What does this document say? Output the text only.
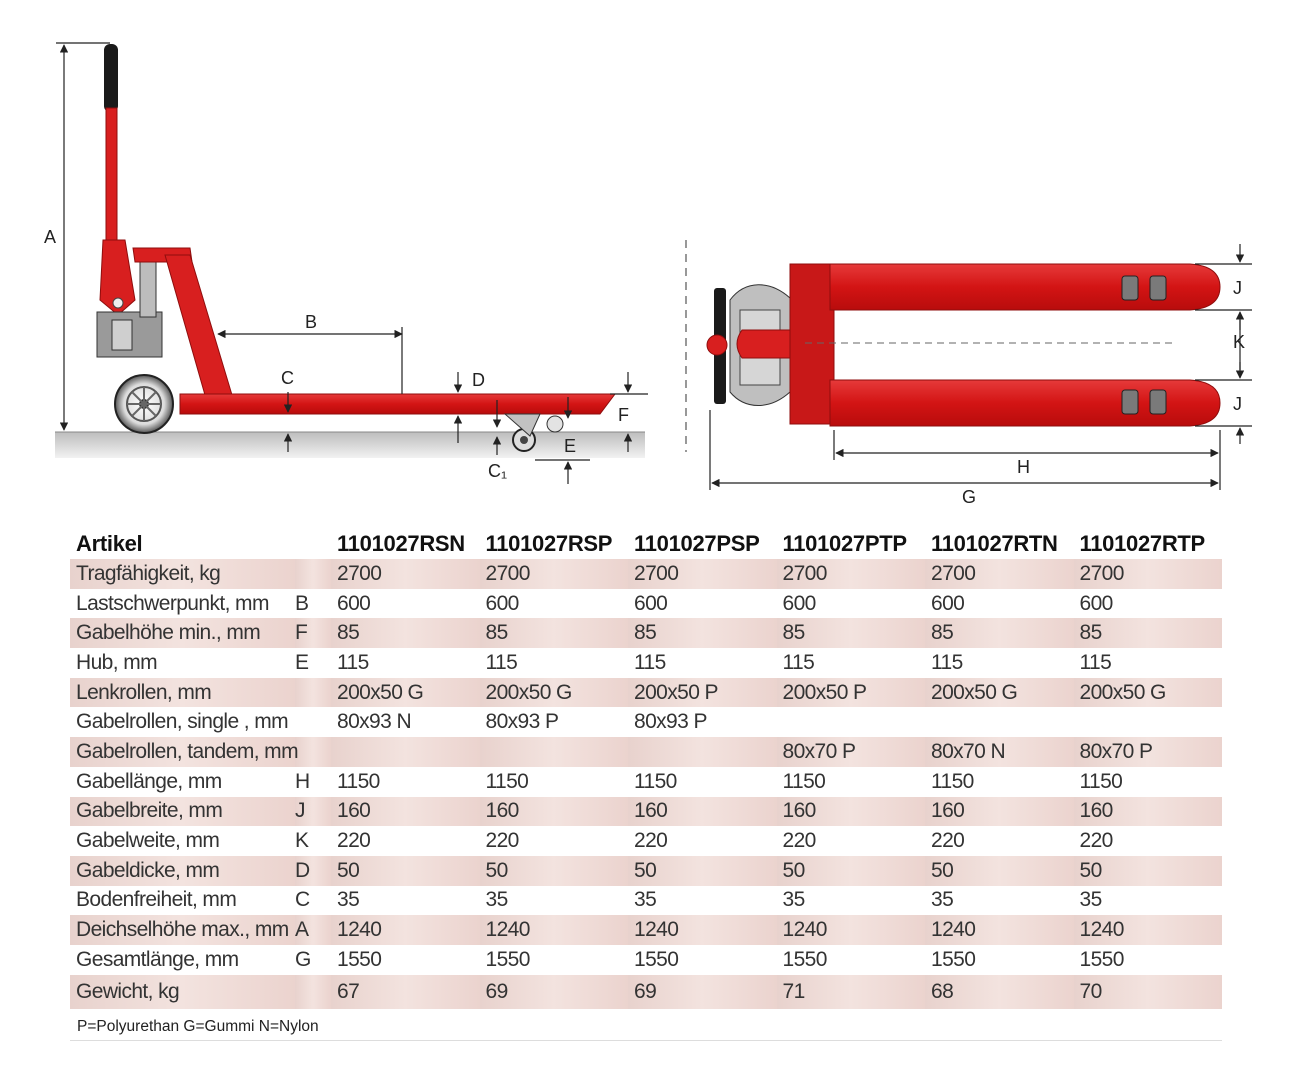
A
B
C	D
F
E
C₁
J
K
J
H
G
Artikel		1101027RSN	1101027RSP	1101027PSP	1101027PTP	1101027RTN	1101027RTP
Tragfähigkeit, kg		2700	2700	2700	2700	2700	2700
Lastschwerpunkt, mm	B	600	600	600	600	600	600
Gabelhöhe min., mm	F	85	85	85	85	85	85
Hub, mm	E	115	115	115	115	115	115
Lenkrollen, mm		200x50 G	200x50 G	200x50 P	200x50 P	200x50 G	200x50 G
Gabelrollen, single , mm		80x93 N	80x93 P	80x93 P			
Gabelrollen, tandem, mm					80x70 P	80x70 N	80x70 P
Gabellänge, mm	H	1150	1150	1150	1150	1150	1150
Gabelbreite, mm	J	160	160	160	160	160	160
Gabelweite, mm	K	220	220	220	220	220	220
Gabeldicke, mm	D	50	50	50	50	50	50
Bodenfreiheit, mm	C	35	35	35	35	35	35
Deichselhöhe max., mm	A	1240	1240	1240	1240	1240	1240
Gesamtlänge, mm	G	1550	1550	1550	1550	1550	1550
Gewicht, kg		67	69	69	71	68	70
P=Polyurethan G=Gummi N=Nylon
